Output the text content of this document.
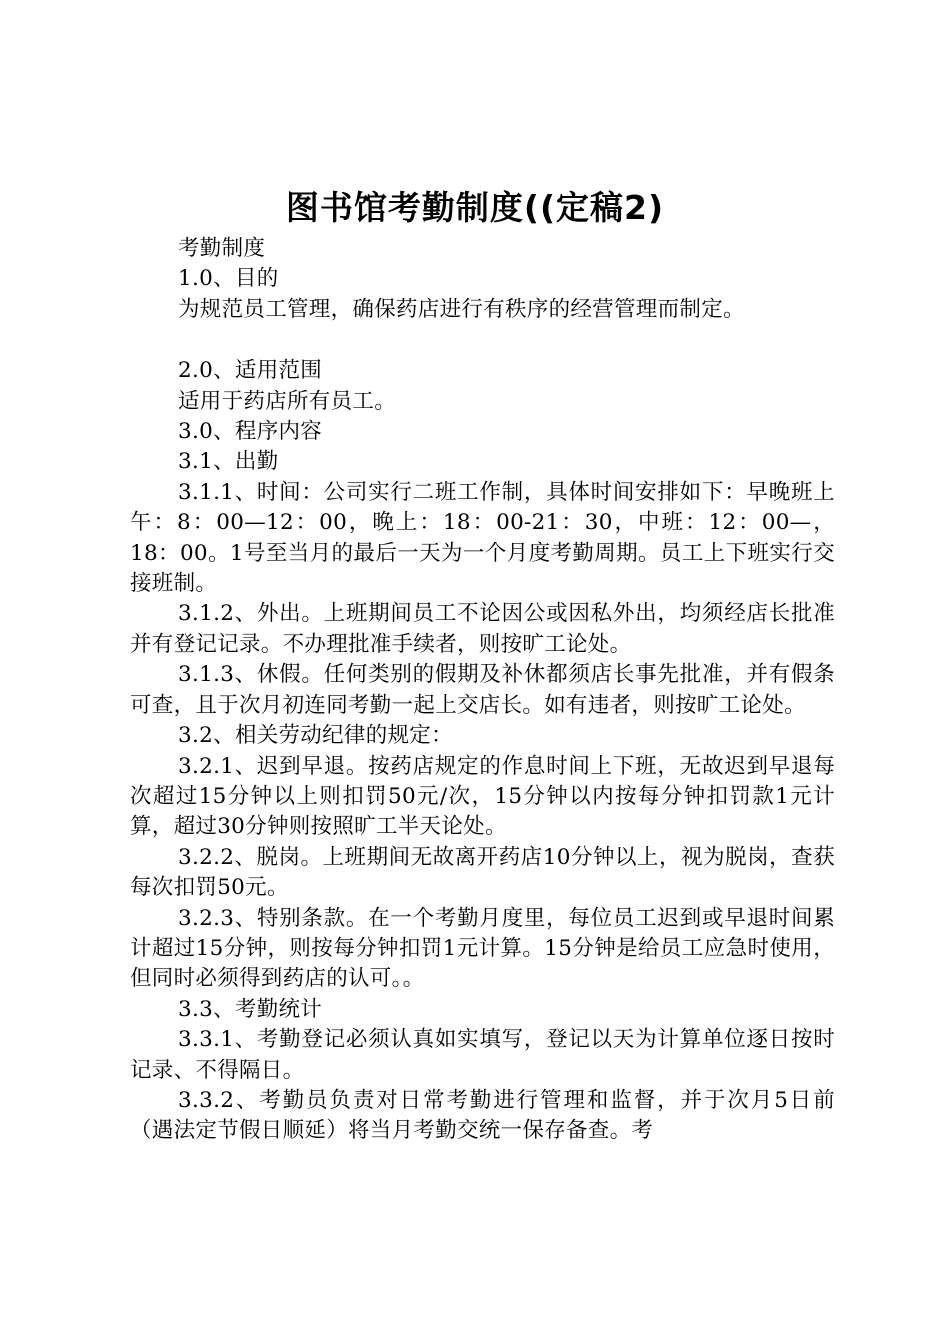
图书馆考勤制度((定稿2)

考勤制度

1.0、目的

为规范员工管理，确保药店进行有秩序的经营管理而制定。

2.0、适用范围

适用于药店所有员工。

3.0、程序内容

3.1、出勤

3.1.1、时间：公司实行二班工作制，具体时间安排如下：早晚班上午：8：00—12：00，晚上：18：00-21：30，中班：12：00—，18：00。1号至当月的最后一天为一个月度考勤周期。员工上下班实行交接班制。

3.1.2、外出。上班期间员工不论因公或因私外出，均须经店长批准并有登记记录。不办理批准手续者，则按旷工论处。

3.1.3、休假。任何类别的假期及补休都须店长事先批准，并有假条可查，且于次月初连同考勤一起上交店长。如有违者，则按旷工论处。

3.2、相关劳动纪律的规定：

3.2.1、迟到早退。按药店规定的作息时间上下班，无故迟到早退每次超过15分钟以上则扣罚50元/次，15分钟以内按每分钟扣罚款1元计算，超过30分钟则按照旷工半天论处。

3.2.2、脱岗。上班期间无故离开药店10分钟以上，视为脱岗，查获每次扣罚50元。

3.2.3、特别条款。在一个考勤月度里，每位员工迟到或早退时间累计超过15分钟，则按每分钟扣罚1元计算。15分钟是给员工应急时使用，但同时必须得到药店的认可。。

3.3、考勤统计

3.3.1、考勤登记必须认真如实填写，登记以天为计算单位逐日按时记录、不得隔日。

3.3.2、考勤员负责对日常考勤进行管理和监督，并于次月5日前（遇法定节假日顺延）将当月考勤交统一保存备查。考
